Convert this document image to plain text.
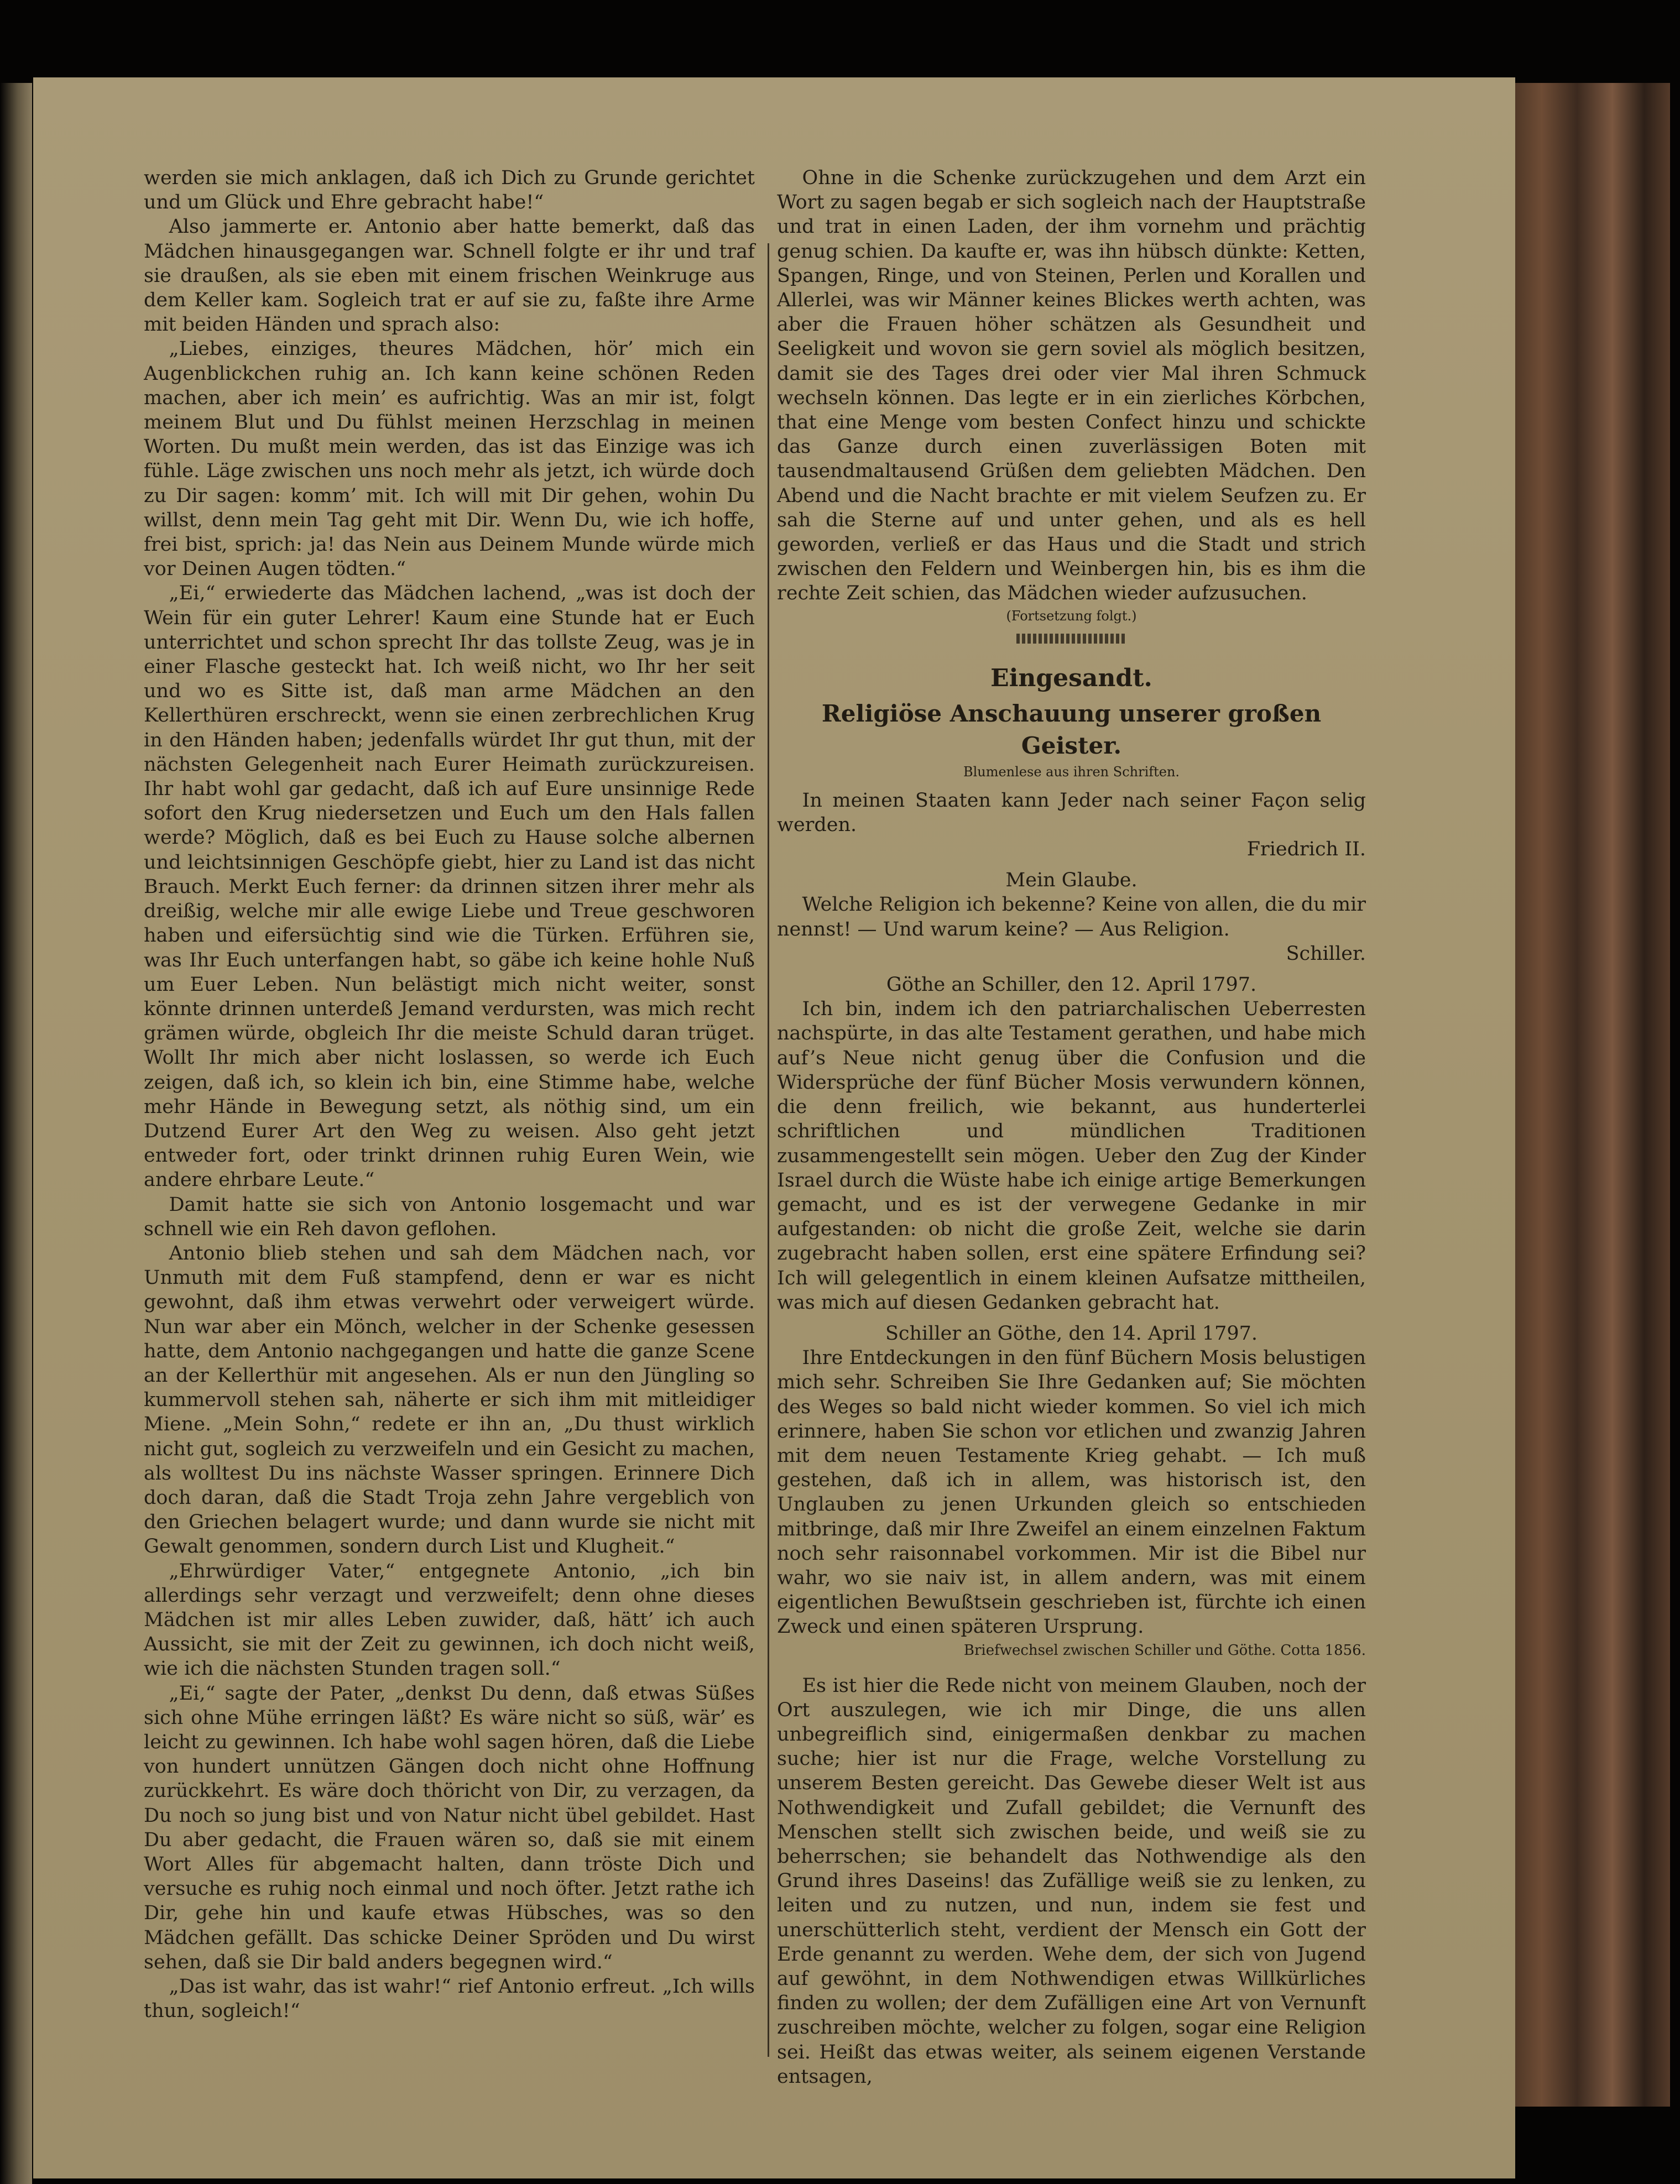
werden sie mich anklagen, daß ich Dich zu Grunde gerichtet und um Glück und Ehre gebracht habe!“

Also jammerte er. Antonio aber hatte bemerkt, daß das Mädchen hinausgegangen war. Schnell folgte er ihr und traf sie draußen, als sie eben mit einem frischen Weinkruge aus dem Keller kam. Sogleich trat er auf sie zu, faßte ihre Arme mit beiden Händen und sprach also:

„Liebes, einziges, theures Mädchen, hör’ mich ein Augenblickchen ruhig an. Ich kann keine schönen Reden machen, aber ich mein’ es aufrichtig. Was an mir ist, folgt meinem Blut und Du fühlst meinen Herzschlag in meinen Worten. Du mußt mein werden, das ist das Einzige was ich fühle. Läge zwischen uns noch mehr als jetzt, ich würde doch zu Dir sagen: komm’ mit. Ich will mit Dir gehen, wohin Du willst, denn mein Tag geht mit Dir. Wenn Du, wie ich hoffe, frei bist, sprich: ja! das Nein aus Deinem Munde würde mich vor Deinen Augen tödten.“

„Ei,“ erwiederte das Mädchen lachend, „was ist doch der Wein für ein guter Lehrer! Kaum eine Stunde hat er Euch unterrichtet und schon sprecht Ihr das tollste Zeug, was je in einer Flasche gesteckt hat. Ich weiß nicht, wo Ihr her seit und wo es Sitte ist, daß man arme Mädchen an den Kellerthüren erschreckt, wenn sie einen zerbrechlichen Krug in den Händen haben; jedenfalls würdet Ihr gut thun, mit der nächsten Gelegenheit nach Eurer Heimath zurückzureisen. Ihr habt wohl gar gedacht, daß ich auf Eure unsinnige Rede sofort den Krug niedersetzen und Euch um den Hals fallen werde? Möglich, daß es bei Euch zu Hause solche albernen und leichtsinnigen Geschöpfe giebt, hier zu Land ist das nicht Brauch. Merkt Euch ferner: da drinnen sitzen ihrer mehr als dreißig, welche mir alle ewige Liebe und Treue geschworen haben und eifersüchtig sind wie die Türken. Erführen sie, was Ihr Euch unterfangen habt, so gäbe ich keine hohle Nuß um Euer Leben. Nun belästigt mich nicht weiter, sonst könnte drinnen unterdeß Jemand verdursten, was mich recht grämen würde, obgleich Ihr die meiste Schuld daran trüget. Wollt Ihr mich aber nicht loslassen, so werde ich Euch zeigen, daß ich, so klein ich bin, eine Stimme habe, welche mehr Hände in Bewegung setzt, als nöthig sind, um ein Dutzend Eurer Art den Weg zu weisen. Also geht jetzt entweder fort, oder trinkt drinnen ruhig Euren Wein, wie andere ehrbare Leute.“

Damit hatte sie sich von Antonio losgemacht und war schnell wie ein Reh davon geflohen.

Antonio blieb stehen und sah dem Mädchen nach, vor Unmuth mit dem Fuß stampfend, denn er war es nicht gewohnt, daß ihm etwas verwehrt oder verweigert würde. Nun war aber ein Mönch, welcher in der Schenke gesessen hatte, dem Antonio nachgegangen und hatte die ganze Scene an der Kellerthür mit angesehen. Als er nun den Jüngling so kummervoll stehen sah, näherte er sich ihm mit mitleidiger Miene. „Mein Sohn,“ redete er ihn an, „Du thust wirklich nicht gut, sogleich zu verzweifeln und ein Gesicht zu machen, als wolltest Du ins nächste Wasser springen. Erinnere Dich doch daran, daß die Stadt Troja zehn Jahre vergeblich von den Griechen belagert wurde; und dann wurde sie nicht mit Gewalt genommen, sondern durch List und Klugheit.“

„Ehrwürdiger Vater,“ entgegnete Antonio, „ich bin allerdings sehr verzagt und verzweifelt; denn ohne dieses Mädchen ist mir alles Leben zuwider, daß, hätt’ ich auch Aussicht, sie mit der Zeit zu gewinnen, ich doch nicht weiß, wie ich die nächsten Stunden tragen soll.“

„Ei,“ sagte der Pater, „denkst Du denn, daß etwas Süßes sich ohne Mühe erringen läßt? Es wäre nicht so süß, wär’ es leicht zu gewinnen. Ich habe wohl sagen hören, daß die Liebe von hundert unnützen Gängen doch nicht ohne Hoffnung zurückkehrt. Es wäre doch thöricht von Dir, zu verzagen, da Du noch so jung bist und von Natur nicht übel gebildet. Hast Du aber gedacht, die Frauen wären so, daß sie mit einem Wort Alles für abgemacht halten, dann tröste Dich und versuche es ruhig noch einmal und noch öfter. Jetzt rathe ich Dir, gehe hin und kaufe etwas Hübsches, was so den Mädchen gefällt. Das schicke Deiner Spröden und Du wirst sehen, daß sie Dir bald anders begegnen wird.“

„Das ist wahr, das ist wahr!“ rief Antonio erfreut. „Ich wills thun, sogleich!“

Ohne in die Schenke zurückzugehen und dem Arzt ein Wort zu sagen begab er sich sogleich nach der Hauptstraße und trat in einen Laden, der ihm vornehm und prächtig genug schien. Da kaufte er, was ihn hübsch dünkte: Ketten, Spangen, Ringe, und von Steinen, Perlen und Korallen und Allerlei, was wir Männer keines Blickes werth achten, was aber die Frauen höher schätzen als Gesundheit und Seeligkeit und wovon sie gern soviel als möglich besitzen, damit sie des Tages drei oder vier Mal ihren Schmuck wechseln können. Das legte er in ein zierliches Körbchen, that eine Menge vom besten Confect hinzu und schickte das Ganze durch einen zuverlässigen Boten mit tausendmaltausend Grüßen dem geliebten Mädchen. Den Abend und die Nacht brachte er mit vielem Seufzen zu. Er sah die Sterne auf und unter gehen, und als es hell geworden, verließ er das Haus und die Stadt und strich zwischen den Feldern und Weinbergen hin, bis es ihm die rechte Zeit schien, das Mädchen wieder aufzusuchen.

(Fortsetzung folgt.)
Eingesandt.
Religiöse Anschauung unserer großen Geister.
Blumenlese aus ihren Schriften.

In meinen Staaten kann Jeder nach seiner Façon selig werden.

Friedrich II.

Mein Glaube.

Welche Religion ich bekenne? Keine von allen, die du mir nennst! — Und warum keine? — Aus Religion.

Schiller.

Göthe an Schiller, den 12. April 1797.

Ich bin, indem ich den patriarchalischen Ueberresten nachspürte, in das alte Testament gerathen, und habe mich auf’s Neue nicht genug über die Confusion und die Widersprüche der fünf Bücher Mosis verwundern können, die denn freilich, wie bekannt, aus hunderterlei schriftlichen und mündlichen Traditionen zusammengestellt sein mögen. Ueber den Zug der Kinder Israel durch die Wüste habe ich einige artige Bemerkungen gemacht, und es ist der verwegene Gedanke in mir aufgestanden: ob nicht die große Zeit, welche sie darin zugebracht haben sollen, erst eine spätere Erfindung sei? Ich will gelegentlich in einem kleinen Aufsatze mittheilen, was mich auf diesen Gedanken gebracht hat.

Schiller an Göthe, den 14. April 1797.

Ihre Entdeckungen in den fünf Büchern Mosis belustigen mich sehr. Schreiben Sie Ihre Gedanken auf; Sie möchten des Weges so bald nicht wieder kommen. So viel ich mich erinnere, haben Sie schon vor etlichen und zwanzig Jahren mit dem neuen Testamente Krieg gehabt. — Ich muß gestehen, daß ich in allem, was historisch ist, den Unglauben zu jenen Urkunden gleich so entschieden mitbringe, daß mir Ihre Zweifel an einem einzelnen Faktum noch sehr raisonnabel vorkommen. Mir ist die Bibel nur wahr, wo sie naiv ist, in allem andern, was mit einem eigentlichen Bewußtsein geschrieben ist, fürchte ich einen Zweck und einen späteren Ursprung.

Briefwechsel zwischen Schiller und Göthe. Cotta 1856.

Es ist hier die Rede nicht von meinem Glauben, noch der Ort auszulegen, wie ich mir Dinge, die uns allen unbegreiflich sind, einigermaßen denkbar zu machen suche; hier ist nur die Frage, welche Vorstellung zu unserem Besten gereicht. Das Gewebe dieser Welt ist aus Nothwendigkeit und Zufall gebildet; die Vernunft des Menschen stellt sich zwischen beide, und weiß sie zu beherrschen; sie behandelt das Nothwendige als den Grund ihres Daseins! das Zufällige weiß sie zu lenken, zu leiten und zu nutzen, und nun, indem sie fest und unerschütterlich steht, verdient der Mensch ein Gott der Erde genannt zu werden. Wehe dem, der sich von Jugend auf gewöhnt, in dem Nothwendigen etwas Willkürliches finden zu wollen; der dem Zufälligen eine Art von Vernunft zuschreiben möchte, welcher zu folgen, sogar eine Religion sei. Heißt das etwas weiter, als seinem eigenen Verstande entsagen,
